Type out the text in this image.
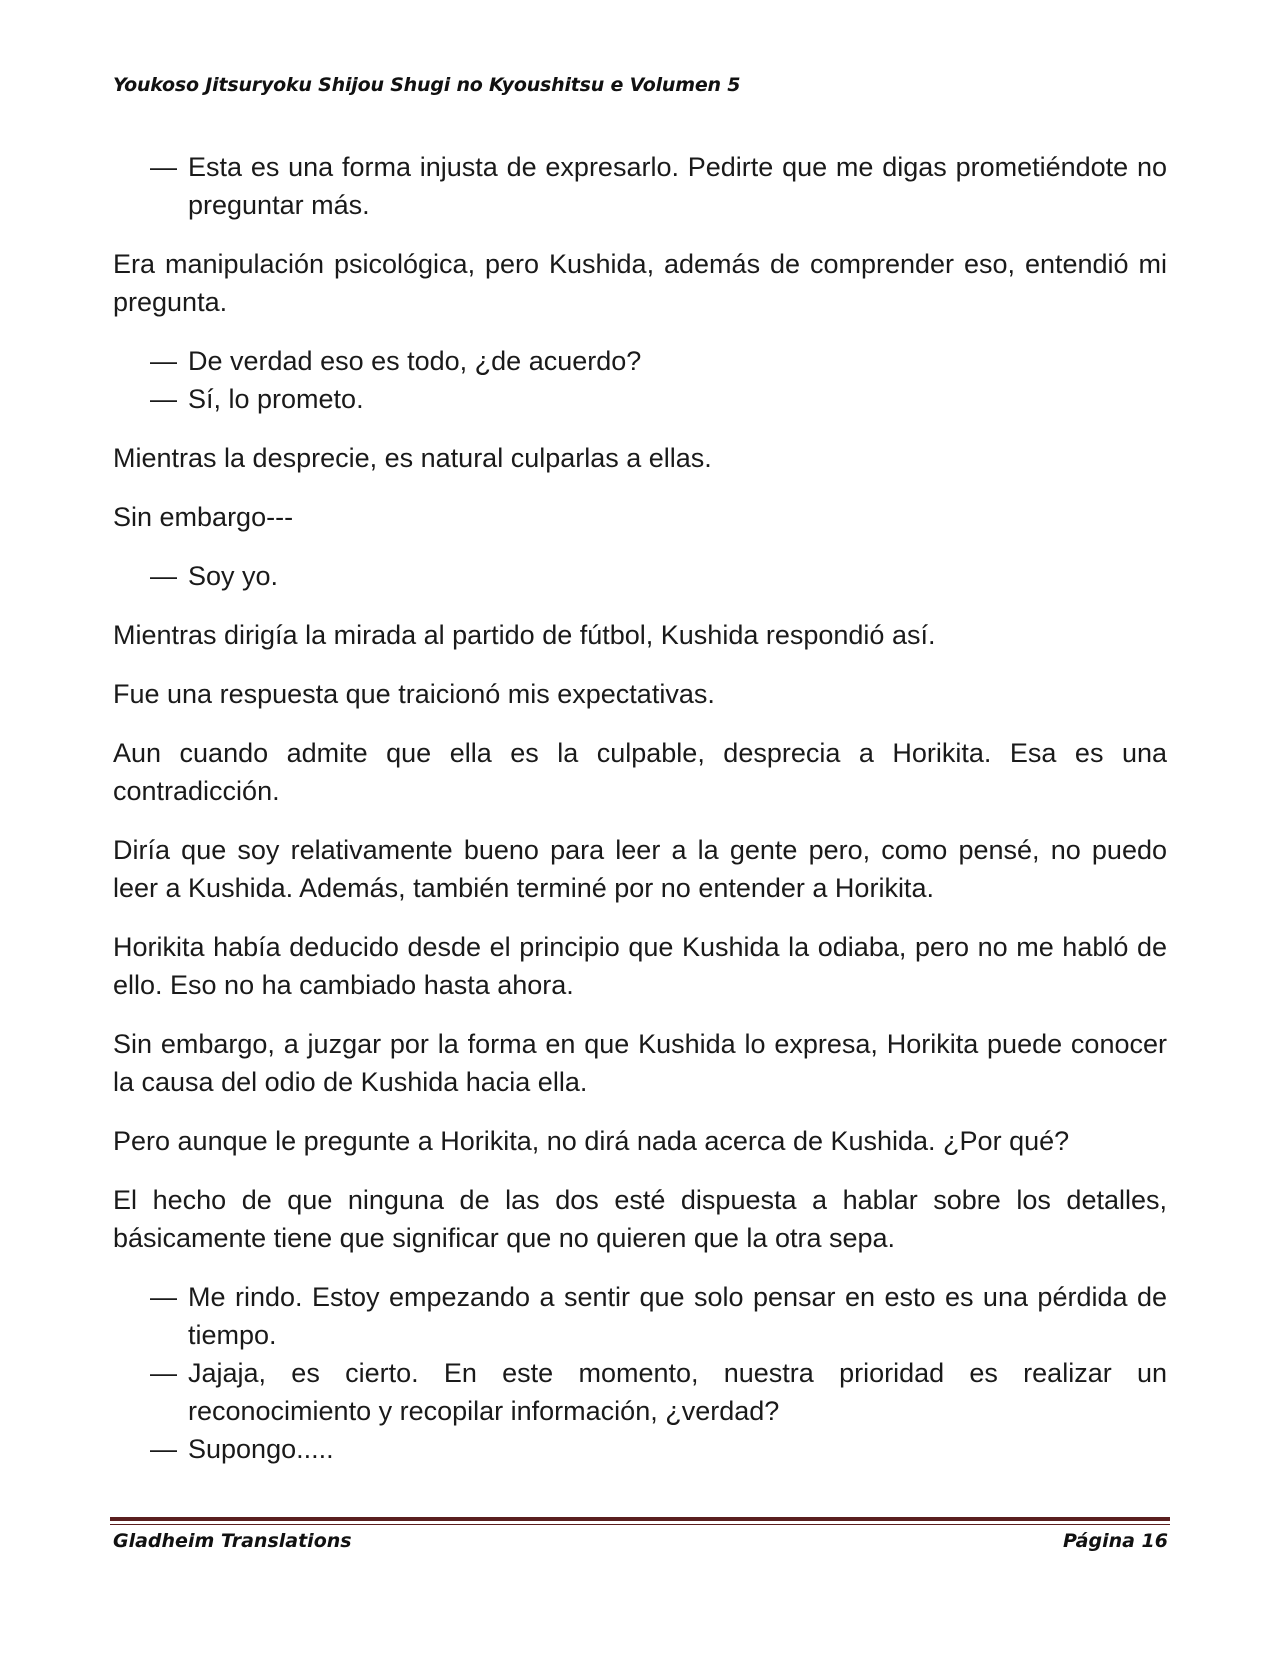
Youkoso Jitsuryoku Shijou Shugi no Kyoushitsu e Volumen 5

— Esta es una forma injusta de expresarlo. Pedirte que me digas prometiéndote no preguntar más.

Era manipulación psicológica, pero Kushida, además de comprender eso, entendió mi pregunta.

— De verdad eso es todo, ¿de acuerdo?

— Sí, lo prometo.

Mientras la desprecie, es natural culparlas a ellas.

Sin embargo---

— Soy yo.

Mientras dirigía la mirada al partido de fútbol, Kushida respondió así.

Fue una respuesta que traicionó mis expectativas.

Aun cuando admite que ella es la culpable, desprecia a Horikita. Esa es una contradicción.

Diría que soy relativamente bueno para leer a la gente pero, como pensé, no puedo leer a Kushida. Además, también terminé por no entender a Horikita.

Horikita había deducido desde el principio que Kushida la odiaba, pero no me habló de ello. Eso no ha cambiado hasta ahora.

Sin embargo, a juzgar por la forma en que Kushida lo expresa, Horikita puede conocer la causa del odio de Kushida hacia ella.

Pero aunque le pregunte a Horikita, no dirá nada acerca de Kushida. ¿Por qué?

El hecho de que ninguna de las dos esté dispuesta a hablar sobre los detalles, básicamente tiene que significar que no quieren que la otra sepa.

— Me rindo. Estoy empezando a sentir que solo pensar en esto es una pérdida de tiempo.

— Jajaja, es cierto. En este momento, nuestra prioridad es realizar un reconocimiento y recopilar información, ¿verdad?

— Supongo.....

Gladheim Translations	Página 16
